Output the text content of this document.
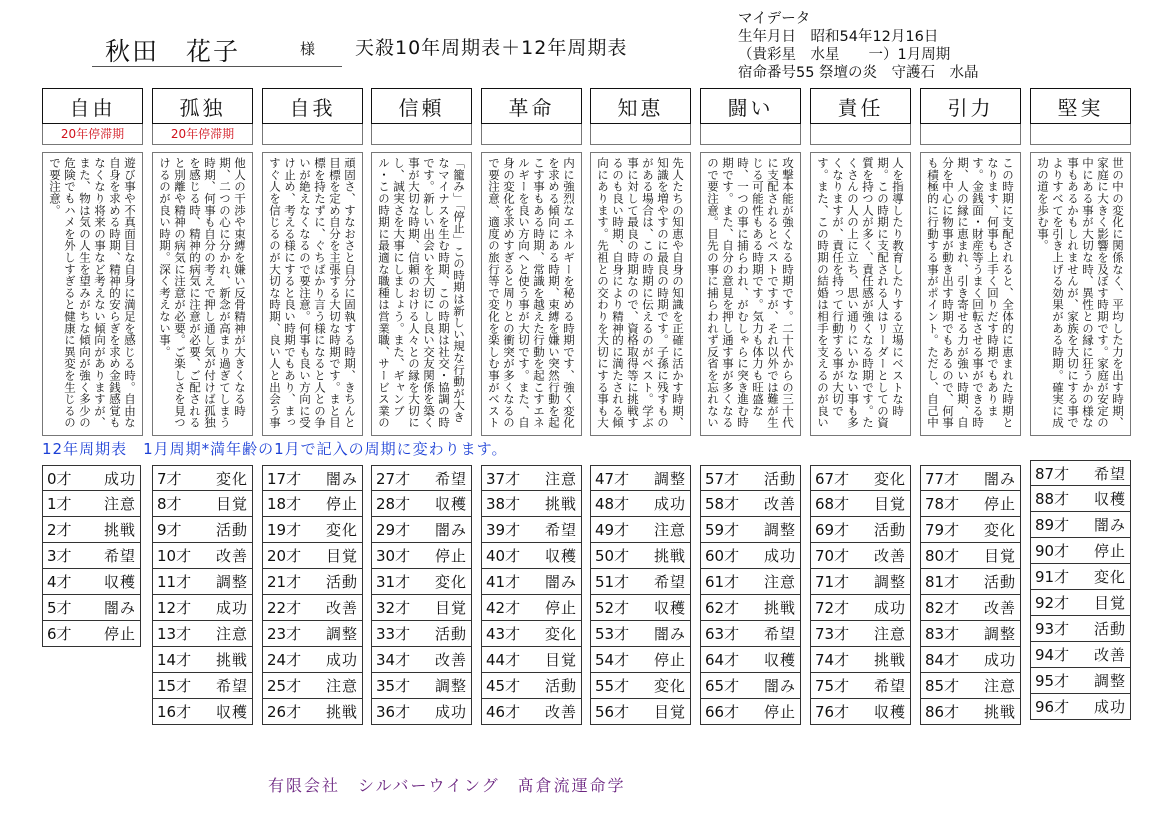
秋田　花子	様 天殺10年周期表＋12年周期表
マイデータ
生年月日　昭和54年12月16日
（貴彩星　水星　　一）1月周期
宿命番号55 祭壇の炎　守護石　水晶
自由
20年停滞期
遊び事や不真面目な自身に満足を感じる時。自由な自身を求める時期、精神的安らぎを求め金銭感覚もなくなり将来の事など考えない傾向がありますが、また、物は気の人生を望みがちな傾向が強く多少の危険でもハメを外しすぎると健康に異変を生じるので要注意。
孤独
20年停滞期
他人の干渉や束縛を嫌い反骨精神が大きくなる時期、二つの心に分かれ、新念が高まり過ぎてしまう時期、何事も自分の考えで押し通し気が付けば孤独を感じる時、精神的病気に注意が必要、ご配されると別離や精神の病気に注意が必要。ご楽しさを見つけるのが良い時期。深く考えない事。
自我
頑固さ、すなおさと自分に固執する時期、きちんと目標を定め自分を主張する大切な時期です。まと目標を持たずに、ぐちばかり言う様になると人との争いが絶えなくなるので要注意。何事も良い方向に受け止め、考える様にすると良い時期でもあり、まっすぐ人を信じるのが大切な時期、良い人と出会う事
信頼
「籠み」「停止」この時期は新しい規な行動が大きなマイナスを生む時期、この時期は社交・協調の時です。新しい出会いを大切にし良い交友関係を築く事が大切な時期、信頼のおける人々との縁を大切にし、誠実さを大事にしましょう。また、ギャンブル・この時期に最適な職種は営業職、サービス業の
革命
内に強烈なエネルギーを秘める時期です、強く変化を求める傾向にある時期、束縛を嫌い突然行動を起こす事もある時期、常識を越えた行動を起こすエネルギーを良い方向へと使う事が大切です。また、自身の変化を求めすぎると周りとの衝突が多くなるので要注意、適度の旅行等で変化を楽しむ事がベスト
知恵
先人たちの知恵や自身の知識を正確に活かす時期、知識を増やすのに最良の時期です。子孫に残すものがある場合は、この時期に伝えるのがベスト。学ぶ事に対して最良の時期なので、資格取得等に挑戦するのも良い時期、自身により精神的に満たされる傾向にあります。先祖との交わりを大切にする事も大
闘い
攻撃本能が強くなる時期です。二十代からの三十代に支配されるとベストですが、それ以外では難が生じる可能性もある時期です。気力も体力も旺盛な時、一つの事に捕らわれ、がむしゃらに突き進む時期です。また、自分の意見を押し通す事が多くなるので要注意。目先の事に捕らわれず反省を忘れない
責任
人を指導したり教育したりする立場にベストな時期。この時期に支配される人はリーダーとしての資質を持つ人が多く、責任感が強くなる時期です。たくさんの人の上に立ち、思い通りにいかない事も多くなりますが、責任を持って行動する事が大切です。また、この時期の結婚は相手を支えるのが良い
引力
この時期に支配されると、全体的に恵まれた時期となります、何事も上手く回りだす時期でもあります。金銭面・財産等うまく回転させる事ができる時期、人の縁に恵まれ、引き寄せる力が強い時期、自分を中心に物事が動き出す時期でもあるので、何事も積極的に行動する事がポイント。ただし、自己中
堅実
世の中の変化に関係なく、平均した力を出す時期、家庭に大きく影響を及ぼす時期です。家庭が安定の中にある事が大切な時、異性との縁に狂うかの様な事もあるかもしれませんが、家族を大切にする事でよりすべてを引き上げる効果がある時期。確実に成功の道を歩む事。
12年周期表　1月周期*満年齢の1月で記入の周期に変わります。
0才 成功
1才 注意
2才 挑戦
3才 希望
4才 収穫
5才 闇み
6才 停止
7才 変化
8才 目覚
9才 活動
10才 改善
11才 調整
12才 成功
13才 注意
14才 挑戦
15才 希望
16才 収穫
17才 闇み
18才 停止
19才 変化
20才 目覚
21才 活動
22才 改善
23才 調整
24才 成功
25才 注意
26才 挑戦
27才 希望
28才 収穫
29才 闇み
30才 停止
31才 変化
32才 目覚
33才 活動
34才 改善
35才 調整
36才 成功
37才 注意
38才 挑戦
39才 希望
40才 収穫
41才 闇み
42才 停止
43才 変化
44才 目覚
45才 活動
46才 改善
47才 調整
48才 成功
49才 注意
50才 挑戦
51才 希望
52才 収穫
53才 闇み
54才 停止
55才 変化
56才 目覚
57才 活動
58才 改善
59才 調整
60才 成功
61才 注意
62才 挑戦
63才 希望
64才 収穫
65才 闇み
66才 停止
67才 変化
68才 目覚
69才 活動
70才 改善
71才 調整
72才 成功
73才 注意
74才 挑戦
75才 希望
76才 収穫
77才 闇み
78才 停止
79才 変化
80才 目覚
81才 活動
82才 改善
83才 調整
84才 成功
85才 注意
86才 挑戦
87才 希望
88才 収穫
89才 闇み
90才 停止
91才 変化
92才 目覚
93才 活動
94才 改善
95才 調整
96才 成功
有限会社　シルバーウイング　髙倉流運命学
